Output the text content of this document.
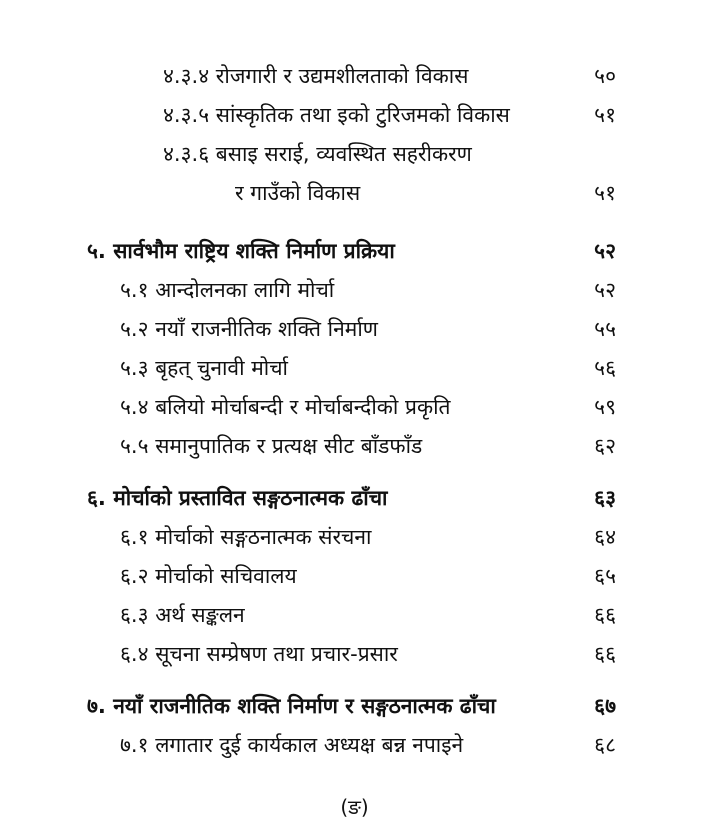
४.३.४ रोजगारी र उद्यमशीलताको विकास	५०
४.३.५ सांस्कृतिक तथा इको टुरिजमको विकास	५१
४.३.६ बसाइ सराई, व्यवस्थित सहरीकरण
र गाउँको विकास	५१
५. सार्वभौम राष्ट्रिय शक्ति निर्माण प्रक्रिया	५२
५.१ आन्दोलनका लागि मोर्चा	५२
५.२ नयाँ राजनीतिक शक्ति निर्माण	५५
५.३ बृहत् चुनावी मोर्चा	५६
५.४ बलियो मोर्चाबन्दी र मोर्चाबन्दीको प्रकृति	५९
५.५ समानुपातिक र प्रत्यक्ष सीट बाँडफाँड	६२
६. मोर्चाको प्रस्तावित सङ्गठनात्मक ढाँचा	६३
६.१ मोर्चाको सङ्गठनात्मक संरचना	६४
६.२ मोर्चाको सचिवालय	६५
६.३ अर्थ सङ्कलन	६६
६.४ सूचना सम्प्रेषण तथा प्रचार-प्रसार	६६
७. नयाँ राजनीतिक शक्ति निर्माण र सङ्गठनात्मक ढाँचा	६७
७.१ लगातार दुई कार्यकाल अध्यक्ष बन्न नपाइने	६८
(ङ)
